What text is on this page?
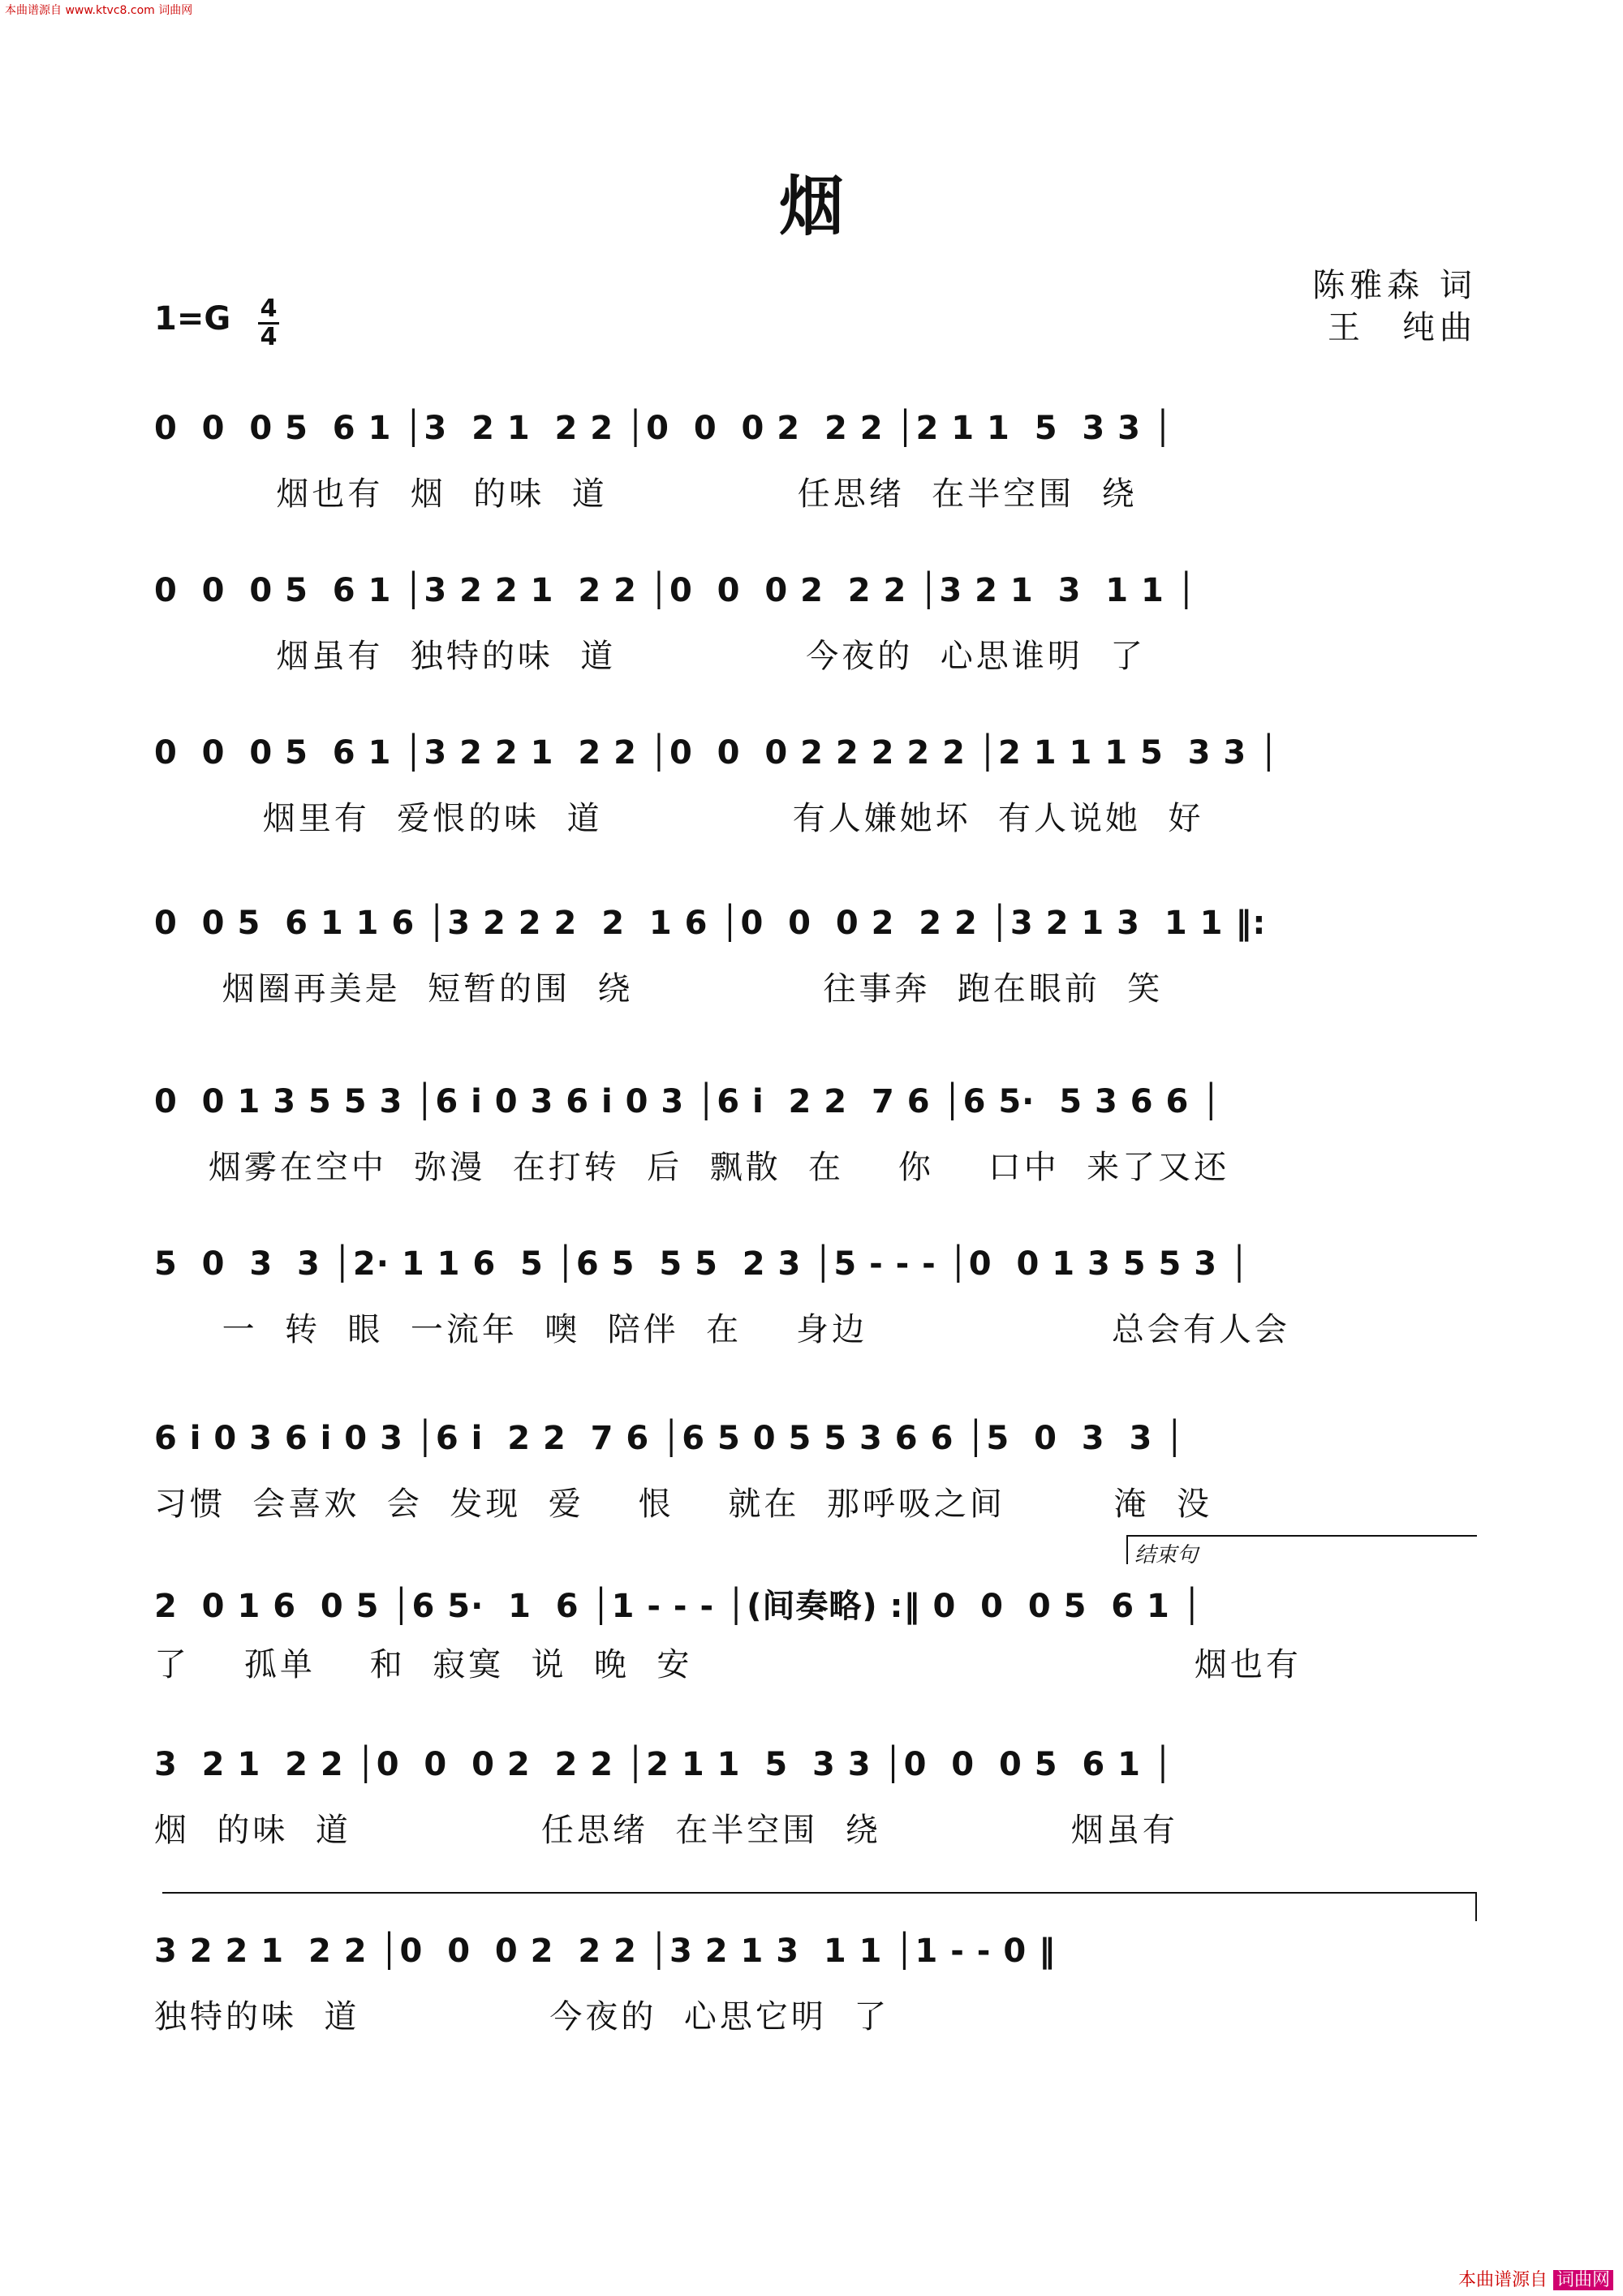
本曲谱源自 www.ktvc8.com 词曲网
烟
陈雅森 词
王　纯曲
1=G 4
4
0  0  0 5  6 1 │3  2 1  2 2 │0  0  0 2  2 2 │2 1 1  5  3 3 │
烟也有  烟  的味  道              任思绪  在半空围  绕
0  0  0 5  6 1 │3 2 2 1  2 2 │0  0  0 2  2 2 │3 2 1  3  1 1 │
烟虽有  独特的味  道              今夜的  心思谁明  了
0  0  0 5  6 1 │3 2 2 1  2 2 │0  0  0 2 2 2 2 2 │2 1 1 1 5  3 3 │
烟里有  爱恨的味  道              有人嫌她坏  有人说她  好
0  0 5  6 1 1 6 │3 2 2 2  2  1 6 │0  0  0 2  2 2 │3 2 1 3  1 1 ‖:
烟圈再美是  短暂的围  绕              往事奔  跑在眼前  笑
0  0 1 3 5 5 3 │6 i 0 3 6 i 0 3 │6 i  2 2  7 6 │6 5·  5 3 6 6 │
烟雾在空中  弥漫  在打转  后  飘散  在    你    口中  来了又还
5  0  3  3 │2· 1 1 6  5 │6 5  5 5  2 3 │5 - - - │0  0 1 3 5 5 3 │
一  转  眼  一流年  噢  陪伴  在    身边                  总会有人会
6 i 0 3 6 i 0 3 │6 i  2 2  7 6 │6 5 0 5 5 3 6 6 │5  0  3  3 │
习惯  会喜欢  会  发现  爱    恨    就在  那呼吸之间        淹  没
结束句
2  0 1 6  0 5 │6 5·  1  6 │1 - - - │(间奏略) :‖ 0  0  0 5  6 1 │
了    孤单    和  寂寞  说  晚  安                                     烟也有
3  2 1  2 2 │0  0  0 2  2 2 │2 1 1  5  3 3 │0  0  0 5  6 1 │
烟  的味  道              任思绪  在半空围  绕              烟虽有
3 2 2 1  2 2 │0  0  0 2  2 2 │3 2 1 3  1 1 │1 - - 0 ‖
独特的味  道              今夜的  心思它明  了
本曲谱源自 词曲网
